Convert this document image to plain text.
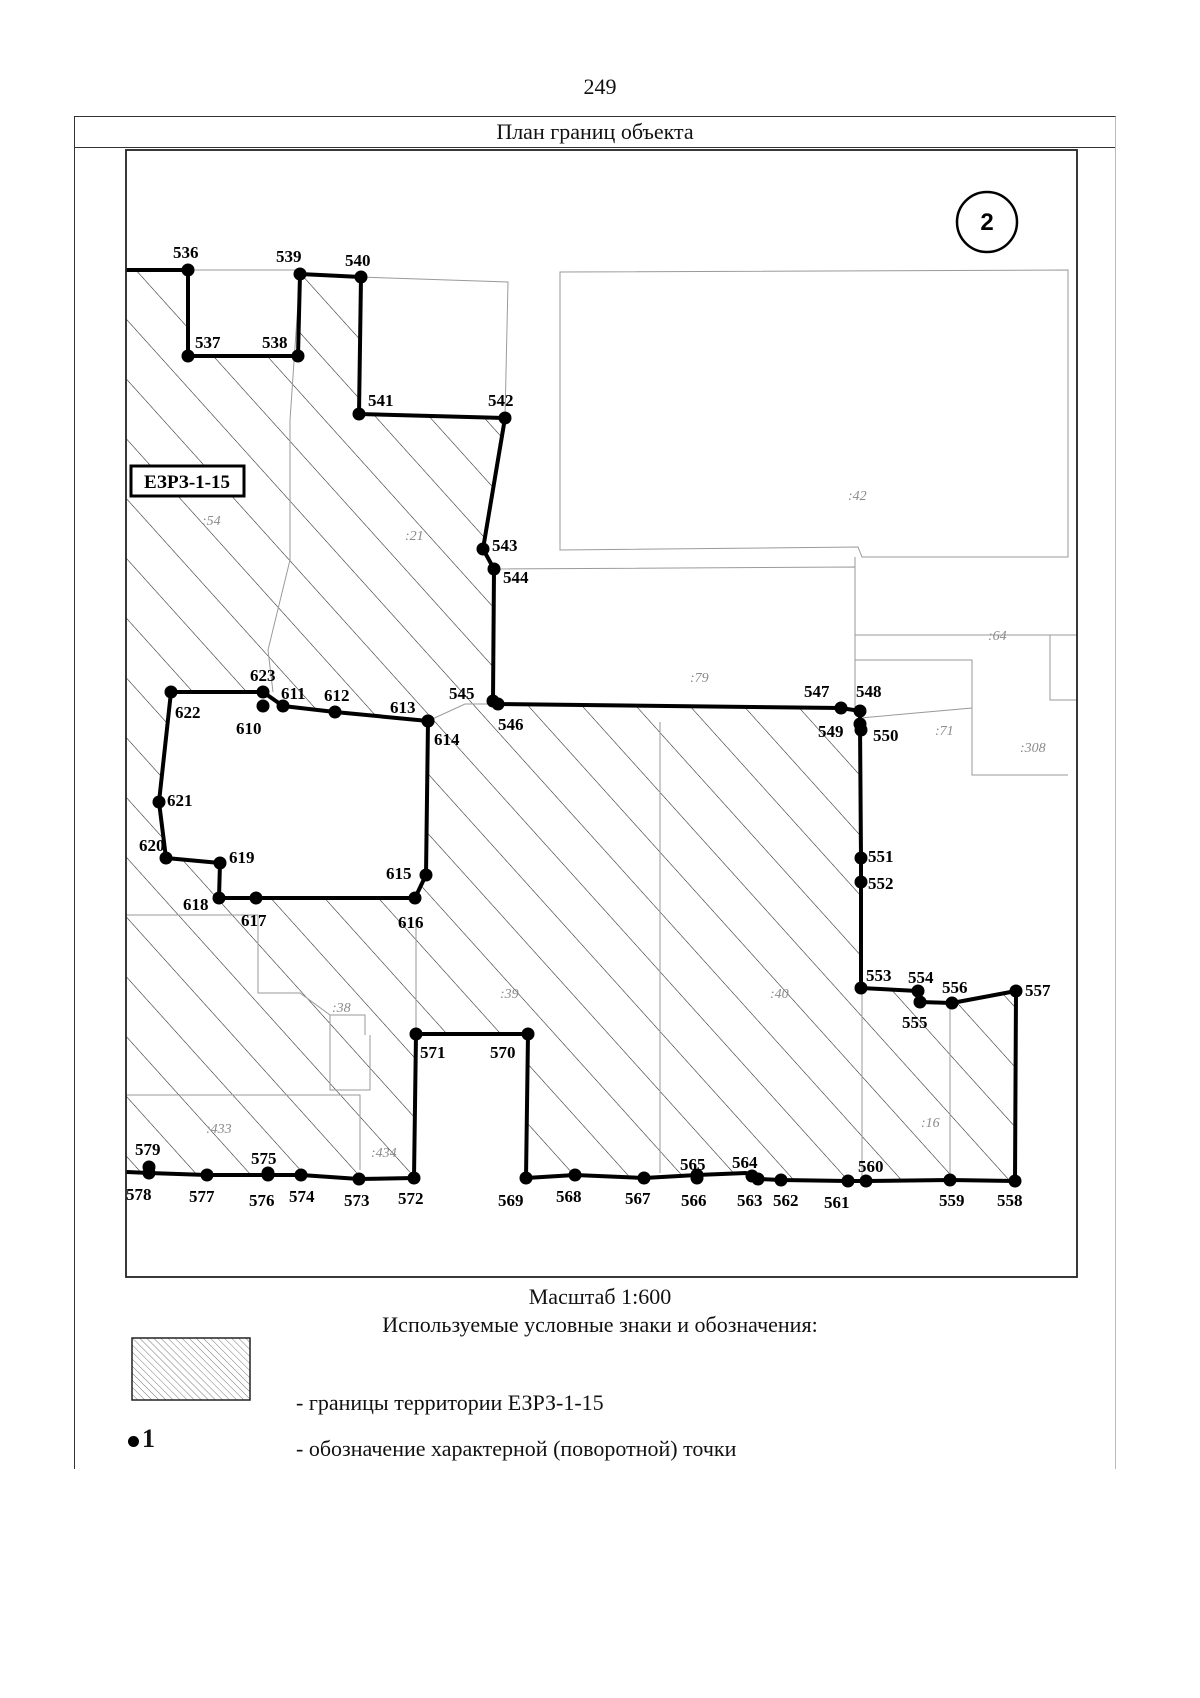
249
План границ объекта
2
ЕЗРЗ-1-15
:54
:21
:42
:64
:79
:71
:308
:38
:39	:40
:433
:434
:16
536
537 538
539	540
541	542
543
544
545
546
547 548
549 550
551
552
553 554
555
556	557
558
559
560
561
562
563
564
565
566
567
568
569
570
571
572
573
574
575
576
577
578
579
610
611 612
613
614
615
616
617
618
619
620
621
622
623
Масштаб 1:600
Используемые условные знаки и обозначения:
- границы территории ЕЗРЗ-1-15
1	- обозначение характерной (поворотной) точки
